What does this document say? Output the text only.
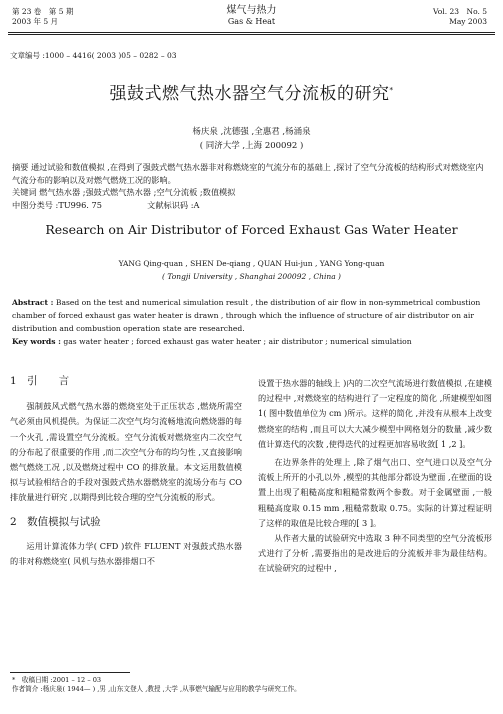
第 23 卷　第 5 期
2003 年 5 月
煤气与热力
Gas & Heat
Vol. 23　No. 5
May 2003
文章编号 :1000 – 4416( 2003 )05 – 0282 – 03
强鼓式燃气热水器空气分流板的研究*
杨庆泉 ,沈德强 ,全惠君 ,杨涌泉
( 同济大学 ,上海 200092 )
摘要 通过试验和数值模拟 ,在得到了强鼓式燃气热水器非对称燃烧室的气流分布的基础上 ,探讨了空气分流板的结构形式对燃烧室内气流分布的影响以及对燃气燃烧工况的影响。
关键词 燃气热水器 ;强鼓式燃气热水器 ;空气分流板 ;数值模拟
中图分类号 :TU996. 75	文献标识码 :A
Research on Air Distributor of Forced Exhaust Gas Water Heater
YANG Qing-quan , SHEN De-qiang , QUAN Hui-jun , YANG Yong-quan
( Tongji University , Shanghai 200092 , China )
Abstract : Based on the test and numerical simulation result , the distribution of air flow in non-symmetrical combustion chamber of forced exhaust gas water heater is drawn , through which the influence of structure of air distributor on air distribution and combustion operation state are researched.
Key words : gas water heater ; forced exhaust gas water heater ; air distributor ; numerical simulation

1　引　　言

强制鼓风式燃气热水器的燃烧室处于正压状态 ,燃烧所需空气必须由风机提供。为保证二次空气均匀流畅地流向燃烧器的每一个火孔 ,需设置空气分流板。空气分流板对燃烧室内二次空气的分布起了很重要的作用 ,而二次空气分布的均匀性 ,又直接影响燃气燃烧工况 ,以及燃烧过程中 CO 的排放量。本文运用数值模拟与试验相结合的手段对强鼓式热水器燃烧室的流场分布与 CO 排放量进行研究 ,以期得到比较合理的空气分流板的形式。

2　数值模拟与试验

运用计算流体力学( CFD )软件 FLUENT 对强鼓式热水器的非对称燃烧室( 风机与热水器排烟口不

设置于热水器的轴线上 )内的二次空气流场进行数值模拟 ,在建模的过程中 ,对燃烧室的结构进行了一定程度的简化 ,所建模型如图 1( 图中数值单位为 cm )所示。这样的简化 ,并没有从根本上改变燃烧室的结构 ,而且可以大大减少模型中网格划分的数量 ,减少数值计算迭代的次数 ,使得迭代的过程更加容易收敛[ 1 ,2 ]。

在边界条件的处理上 ,除了烟气出口、空气进口以及空气分流板上所开的小孔以外 ,模型的其他部分都设为壁面 ,在壁面的设置上出现了粗糙高度和粗糙常数两个参数。对于金属壁面 ,一般粗糙高度取 0.15 mm ,粗糙常数取 0.75。实际的计算过程证明了这样的取值是比较合理的[ 3 ]。

从作者大量的试验研究中选取 3 种不同类型的空气分流板形式进行了分析 ,需要指出的是改进后的分流板并非为最佳结构。在试验研究的过程中 ,

*　收稿日期 :2001 – 12 – 03
作者简介 :杨庆泉( 1944— ) ,男 ,山东文登人 ,教授 ,大学 ,从事燃气输配与应用的教学与研究工作。
